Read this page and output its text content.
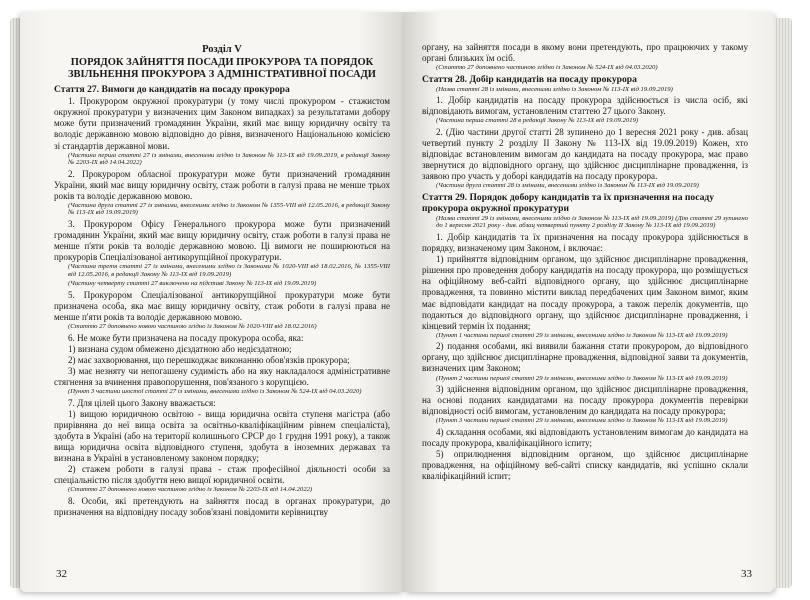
Розділ V
ПОРЯДОК ЗАЙНЯТТЯ ПОСАДИ ПРОКУРОРА ТА ПОРЯДОК ЗВІЛЬНЕННЯ ПРОКУРОРА З АДМІНІСТРАТИВНОЇ ПОСАДИ
Стаття 27. Вимоги до кандидатів на посаду прокурора
1. Прокурором окружної прокуратури (у тому числі прокурором - стажистом окружної прокуратури у визначених цим Законом випадках) за результатами добору може бути призначений громадянин України, який має вищу юридичну освіту та володіє державною мовою відповідно до рівня, визначеного Національною комісією зі стандартів державної мови.
(Частина перша статті 27 із змінами, внесеними згідно із Законом № 113-IX від 19.09.2019, в редакції Закону № 2203-IX від 14.04.2022)
2. Прокурором обласної прокуратури може бути призначений громадянин України, який має вищу юридичну освіту, стаж роботи в галузі права не менше трьох років та володіє державною мовою.
(Частина друга статті 27 із змінами, внесеними згідно із Законом № 1355-VIII від 12.05.2016, в редакції Закону № 113-IX від 19.09.2019)
3. Прокурором Офісу Генерального прокурора може бути призначений громадянин України, який має вищу юридичну освіту, стаж роботи в галузі права не менше п'яти років та володіє державною мовою. Ці вимоги не поширюються на прокурорів Спеціалізованої антикорупційної прокуратури.
(Частина третя статті 27 із змінами, внесеними згідно із Законами № 1020-VIII від 18.02.2016, № 1355-VIII від 12.05.2016, в редакції Закону № 113-IX від 19.09.2019)
(Частину четверту статті 27 виключено на підставі Закону № 113-IX від 19.09.2019)
5. Прокурором Спеціалізованої антикорупційної прокуратури може бути призначена особа, яка має вищу юридичну освіту, стаж роботи в галузі права не менше п'яти років та володіє державною мовою.
(Статтю 27 доповнено новою частиною згідно із Законом № 1020-VIII від 18.02.2016)
6. Не може бути призначена на посаду прокурора особа, яка:
1) визнана судом обмежено дієздатною або недієздатною;
2) має захворювання, що перешкоджає виконанню обов'язків прокурора;
3) має незняту чи непогашену судимість або на яку накладалося адміністративне стягнення за вчинення правопорушення, пов'язаного з корупцією.
(Пункт 3 частини шостої статті 27 із змінами, внесеними згідно із Законом № 524-IX від 04.03.2020)
7. Для цілей цього Закону вважається:
1) вищою юридичною освітою - вища юридична освіта ступеня магістра (або прирівняна до неї вища освіта за освітньо-кваліфікаційним рівнем спеціаліста), здобута в Україні (або на території колишнього СРСР до 1 грудня 1991 року), а також вища юридична освіта відповідного ступеня, здобута в іноземних державах та визнана в Україні в установленому законом порядку;
2) стажем роботи в галузі права - стаж професійної діяльності особи за спеціальністю після здобуття нею вищої юридичної освіти.
(Статтю 27 доповнено новою частиною згідно із Законом № 2203-IX від 14.04.2022)
8. Особи, які претендують на зайняття посад в органах прокуратури, до призначення на відповідну посаду зобов'язані повідомити керівництву
32
органу, на зайняття посади в якому вони претендують, про працюючих у такому органі близьких їм осіб.
(Статтю 27 доповнено частиною згідно із Законом № 524-IX від 04.03.2020)
Стаття 28. Добір кандидатів на посаду прокурора
(Назва статті 28 із змінами, внесеними згідно із Законом № 113-IX від 19.09.2019)
1. Добір кандидатів на посаду прокурора здійснюється із числа осіб, які відповідають вимогам, установленим статтею 27 цього Закону.
(Частина перша статті 28 в редакції Закону № 113-IX від 19.09.2019)
2. (Дію частини другої статті 28 зупинено до 1 вересня 2021 року - див. абзац четвертий пункту 2 розділу II Закону № 113-IX від 19.09.2019) Кожен, хто відповідає встановленим вимогам до кандидата на посаду прокурора, має право звернутися до відповідного органу, що здійснює дисциплінарне провадження, із заявою про участь у доборі кандидатів на посаду прокурора.
(Частина друга статті 28 із змінами, внесеними згідно із Законом № 113-IX від 19.09.2019)
Стаття 29. Порядок добору кандидатів та їх призначення на посаду прокурора окружної прокуратури
(Назва статті 29 із змінами, внесеними згідно із Законом № 113-IX від 19.09.2019) (Дію статті 29 зупинено до 1 вересня 2021 року - див. абзац четвертий пункту 2 розділу II Закону № 113-IX від 19.09.2019)
1. Добір кандидатів та їх призначення на посаду прокурора здійснюється в порядку, визначеному цим Законом, і включає:
1) прийняття відповідним органом, що здійснює дисциплінарне провадження, рішення про проведення добору кандидатів на посаду прокурора, що розміщується на офіційному веб-сайті відповідного органу, що здійснює дисциплінарне провадження, та повинно містити виклад передбачених цим Законом вимог, яким має відповідати кандидат на посаду прокурора, а також перелік документів, що подаються до відповідного органу, що здійснює дисциплінарне провадження, і кінцевий термін їх подання;
(Пункт 1 частини першої статті 29 із змінами, внесеними згідно із Законом № 113-IX від 19.09.2019)
2) подання особами, які виявили бажання стати прокурором, до відповідного органу, що здійснює дисциплінарне провадження, відповідної заяви та документів, визначених цим Законом;
(Пункт 2 частини першої статті 29 із змінами, внесеними згідно із Законом № 113-IX від 19.09.2019)
3) здійснення відповідним органом, що здійснює дисциплінарне провадження, на основі поданих кандидатами на посаду прокурора документів перевірки відповідності осіб вимогам, установленим до кандидата на посаду прокурора;
(Пункт 3 частини першої статті 29 із змінами, внесеними згідно із Законом № 113-IX від 19.09.2019)
4) складання особами, які відповідають установленим вимогам до кандидата на посаду прокурора, кваліфікаційного іспиту;
5) оприлюднення відповідним органом, що здійснює дисциплінарне провадження, на офіційному веб-сайті списку кандидатів, які успішно склали кваліфікаційний іспит;
33
